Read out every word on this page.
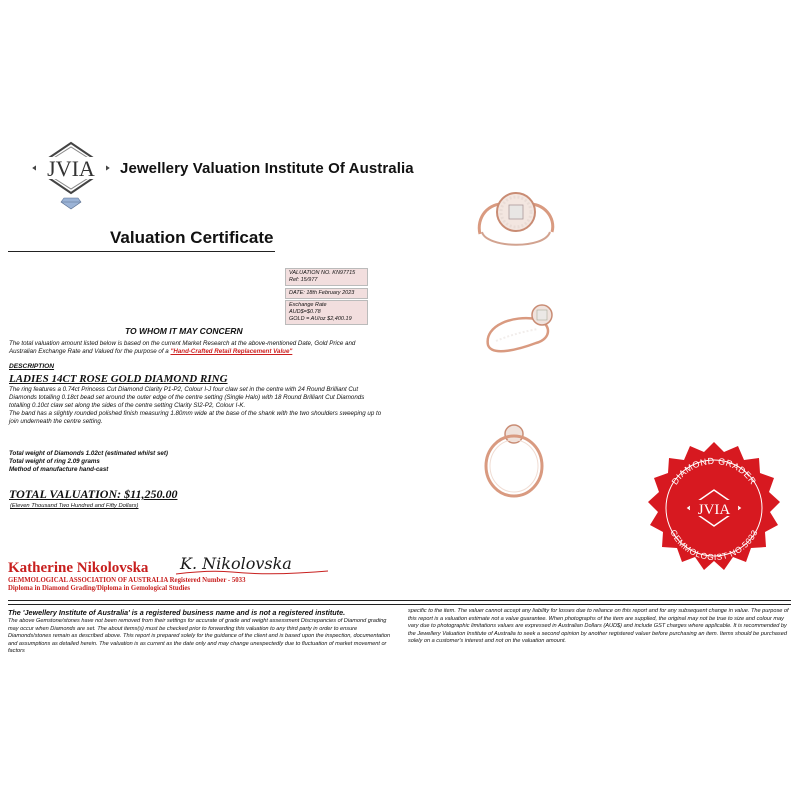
JVIA Jewellery Valuation Institute Of Australia
Valuation Certificate
VALUATION NO. KN97715
Ref: 15/977
DATE: 18th February 2023
Exchange Rate
AUD$=$0.78
GOLD = AU/oz $2,400.19
TO WHOM IT MAY CONCERN
The total valuation amount listed below is based on the current Market Research at the above-mentioned Date, Gold Price and Australian Exchange Rate and Valued for the purpose of a "Hand-Crafted Retail Replacement Value"
DESCRIPTION
LADIES 14CT ROSE GOLD DIAMOND RING
The ring features a 0.74ct Princess Cut Diamond Clarity P1-P2, Colour I-J four claw set in the centre with 24 Round Brilliant Cut Diamonds totalling 0.18ct bead set around the outer edge of the centre setting (Single Halo) with 18 Round Brilliant Cut Diamonds totalling 0.10ct claw set along the sides of the centre setting Clarity SI2-P2, Colour I-K.
The band has a slightly rounded polished finish measuring 1.80mm wide at the base of the shank with the two shoulders sweeping up to join underneath the centre setting.
Total weight of Diamonds 1.02ct (estimated whilst set)
Total weight of ring 2.09 grams
Method of manufacture hand-cast
TOTAL VALUATION: $11,250.00
(Eleven Thousand Two Hundred and Fifty Dollars)
Katherine Nikolovska K. Nikolovska
GEMMOLOGICAL ASSOCIATION OF AUSTRALIA Registered Number - 5033
Diploma in Diamond Grading/Diploma in Gemological Studies
DIAMOND GRADER
GEMMOLOGIST NO.5033
JVIA
The 'Jewellery Institute of Australia' is a registered business name and is not a registered institute.
The above Gemstone/stones have not been removed from their settings for accurate of grade and weight assessment Discrepancies of Diamond grading may occur when Diamonds are set. The about items(s) must be checked prior to forwarding this valuation to any third party in order to ensure Diamonds/stones remain as described above. This report is prepared solely for the guidance of the client and is based upon the inspection, documentation and assumptions as detailed herein. The valuation is as current as the date only and may change unexpectedly due to fluctuation of market movement or factors
specific to the item. The valuer cannot accept any liability for losses due to reliance on this report and for any subsequent change in value. The purpose of this report is a valuation estimate not a value guarantee. When photographs of the item are supplied, the original may not be true to size and colour may vary due to photographic limitations values are expressed in Australian Dollars (AUD$) and include GST charges where applicable. It is recommended by the Jewellery Valuation Institute of Australia to seek a second opinion by another registered valuer before purchasing an item. Items should be purchased solely on a customer's interest and not on the valuation amount.
